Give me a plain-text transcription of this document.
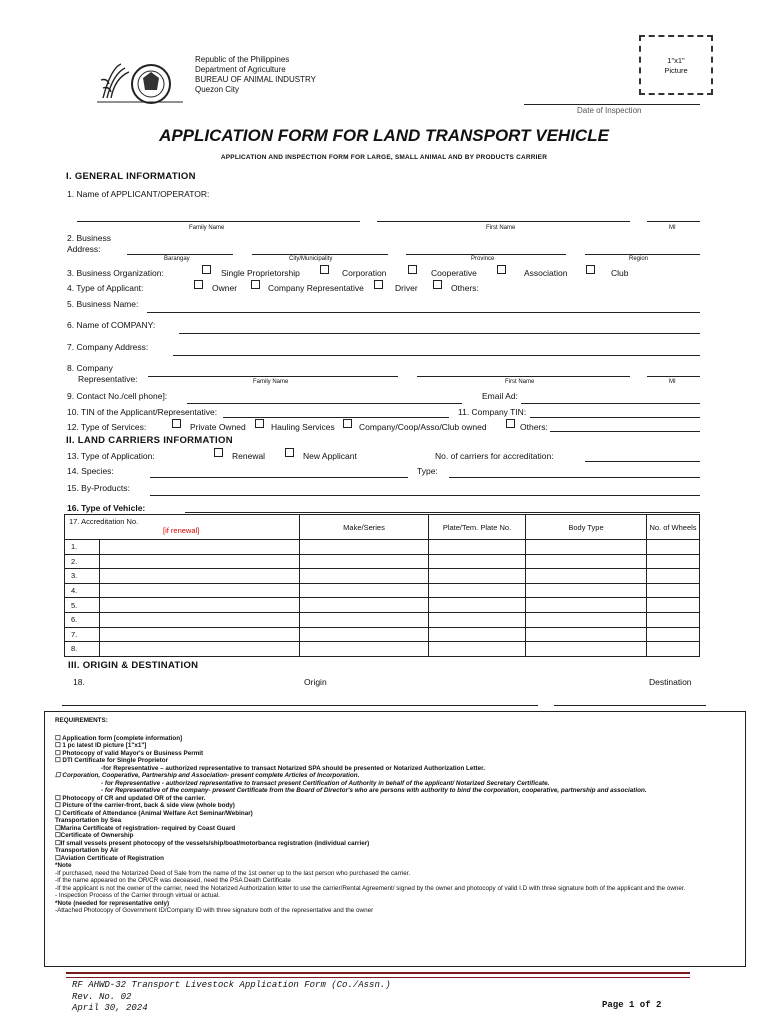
Republic of the Philippines
Department of Agriculture
BUREAU OF ANIMAL INDUSTRY
Quezon City
1"x1"
Picture
Date of Inspection
APPLICATION FORM FOR LAND TRANSPORT VEHICLE
APPLICATION AND INSPECTION FORM FOR LARGE, SMALL ANIMAL AND BY PRODUCTS CARRIER
I. GENERAL INFORMATION
1. Name of APPLICANT/OPERATOR:
Family Name	First Name	MI
2. Business
Address:
Barangay	City/Municipality	Province	Region
3. Business Organization:	Single Proprietorship	Corporation	Cooperative	Association	Club
4. Type of Applicant:	Owner	Company Representative	Driver	Others:
5. Business Name:
6. Name of COMPANY:
7. Company Address:
8. Company
Representative:	Family Name	First Name	MI
9. Contact No./cell phone]:	Email Ad:
10. TIN of the Applicant/Representative:	11. Company TIN:
12. Type of Services:	Private Owned	Hauling Services	Company/Coop/Asso/Club owned	Others:
II. LAND CARRIERS INFORMATION
13. Type of Application:	Renewal	New Applicant	No. of carriers for accreditation:
14. Species:	Type:
15. By-Products:
16. Type of Vehicle:
17. Accreditation No.
[if renewal]		Make/Series	Plate/Tem. Plate No.	Body Type	No. of Wheels
1.					
2.					
3.					
4.					
5.					
6.					
7.					
8.					
III. ORIGIN & DESTINATION
18.	Origin	Destination
REQUIREMENTS:
☐ Application form [complete information]
☐ 1 pc latest ID picture [1"x1"]
☐ Photocopy of valid Mayor's or Business Permit
☐ DTI Certificate for Single Proprietor
-for Representative – authorized representative to transact Notarized SPA should be presented or Notarized Authorization Letter.
☐ Corporation, Cooperative, Partnership and Association- present complete Articles of Incorporation.
- for Representative - authorized representative to transact present Certification of Authority in behalf of the applicant/ Notarized Secretary Certificate.
- for Representative of the company- present Certificate from the Board of Director's who are persons with authority to bind the corporation, cooperative, partnership and association.
☐ Photocopy of CR and updated OR of the carrier.
☐ Picture of the carrier-front, back & side view (whole body)
☐ Certificate of Attendance (Animal Welfare Act Seminar/Webinar)
Transportation by Sea
☐Marina Certificate of registration- required by Coast Guard
☐Certificate of Ownership
☐If small vessels present photocopy of the vessels/ship/boat/motorbanca registration (individual carrier)
Transportation by Air
☐Aviation Certificate of Registration
*Note
-If purchased, need the Notarized Deed of Sale from the name of the 1st owner up to the last person who purchased the carrier.
-If the name appeared on the OR/CR was deceased, need the PSA Death Certificate
-If the applicant is not the owner of the carrier, need the Notarized Authorization letter to use the carrier/Rental Agreement/ signed by the owner and photocopy of valid I.D with three signature both of the applicant and the owner.
- Inspection Process of the Carrier through virtual or actual.
*Note (needed for representative only)
-Attached Photocopy of Government ID/Company ID with three signature both of the representative and the owner
RF AHWD-32 Transport Livestock Application Form (Co./Assn.)
Rev. No. 02
April 30, 2024	Page 1 of 2
